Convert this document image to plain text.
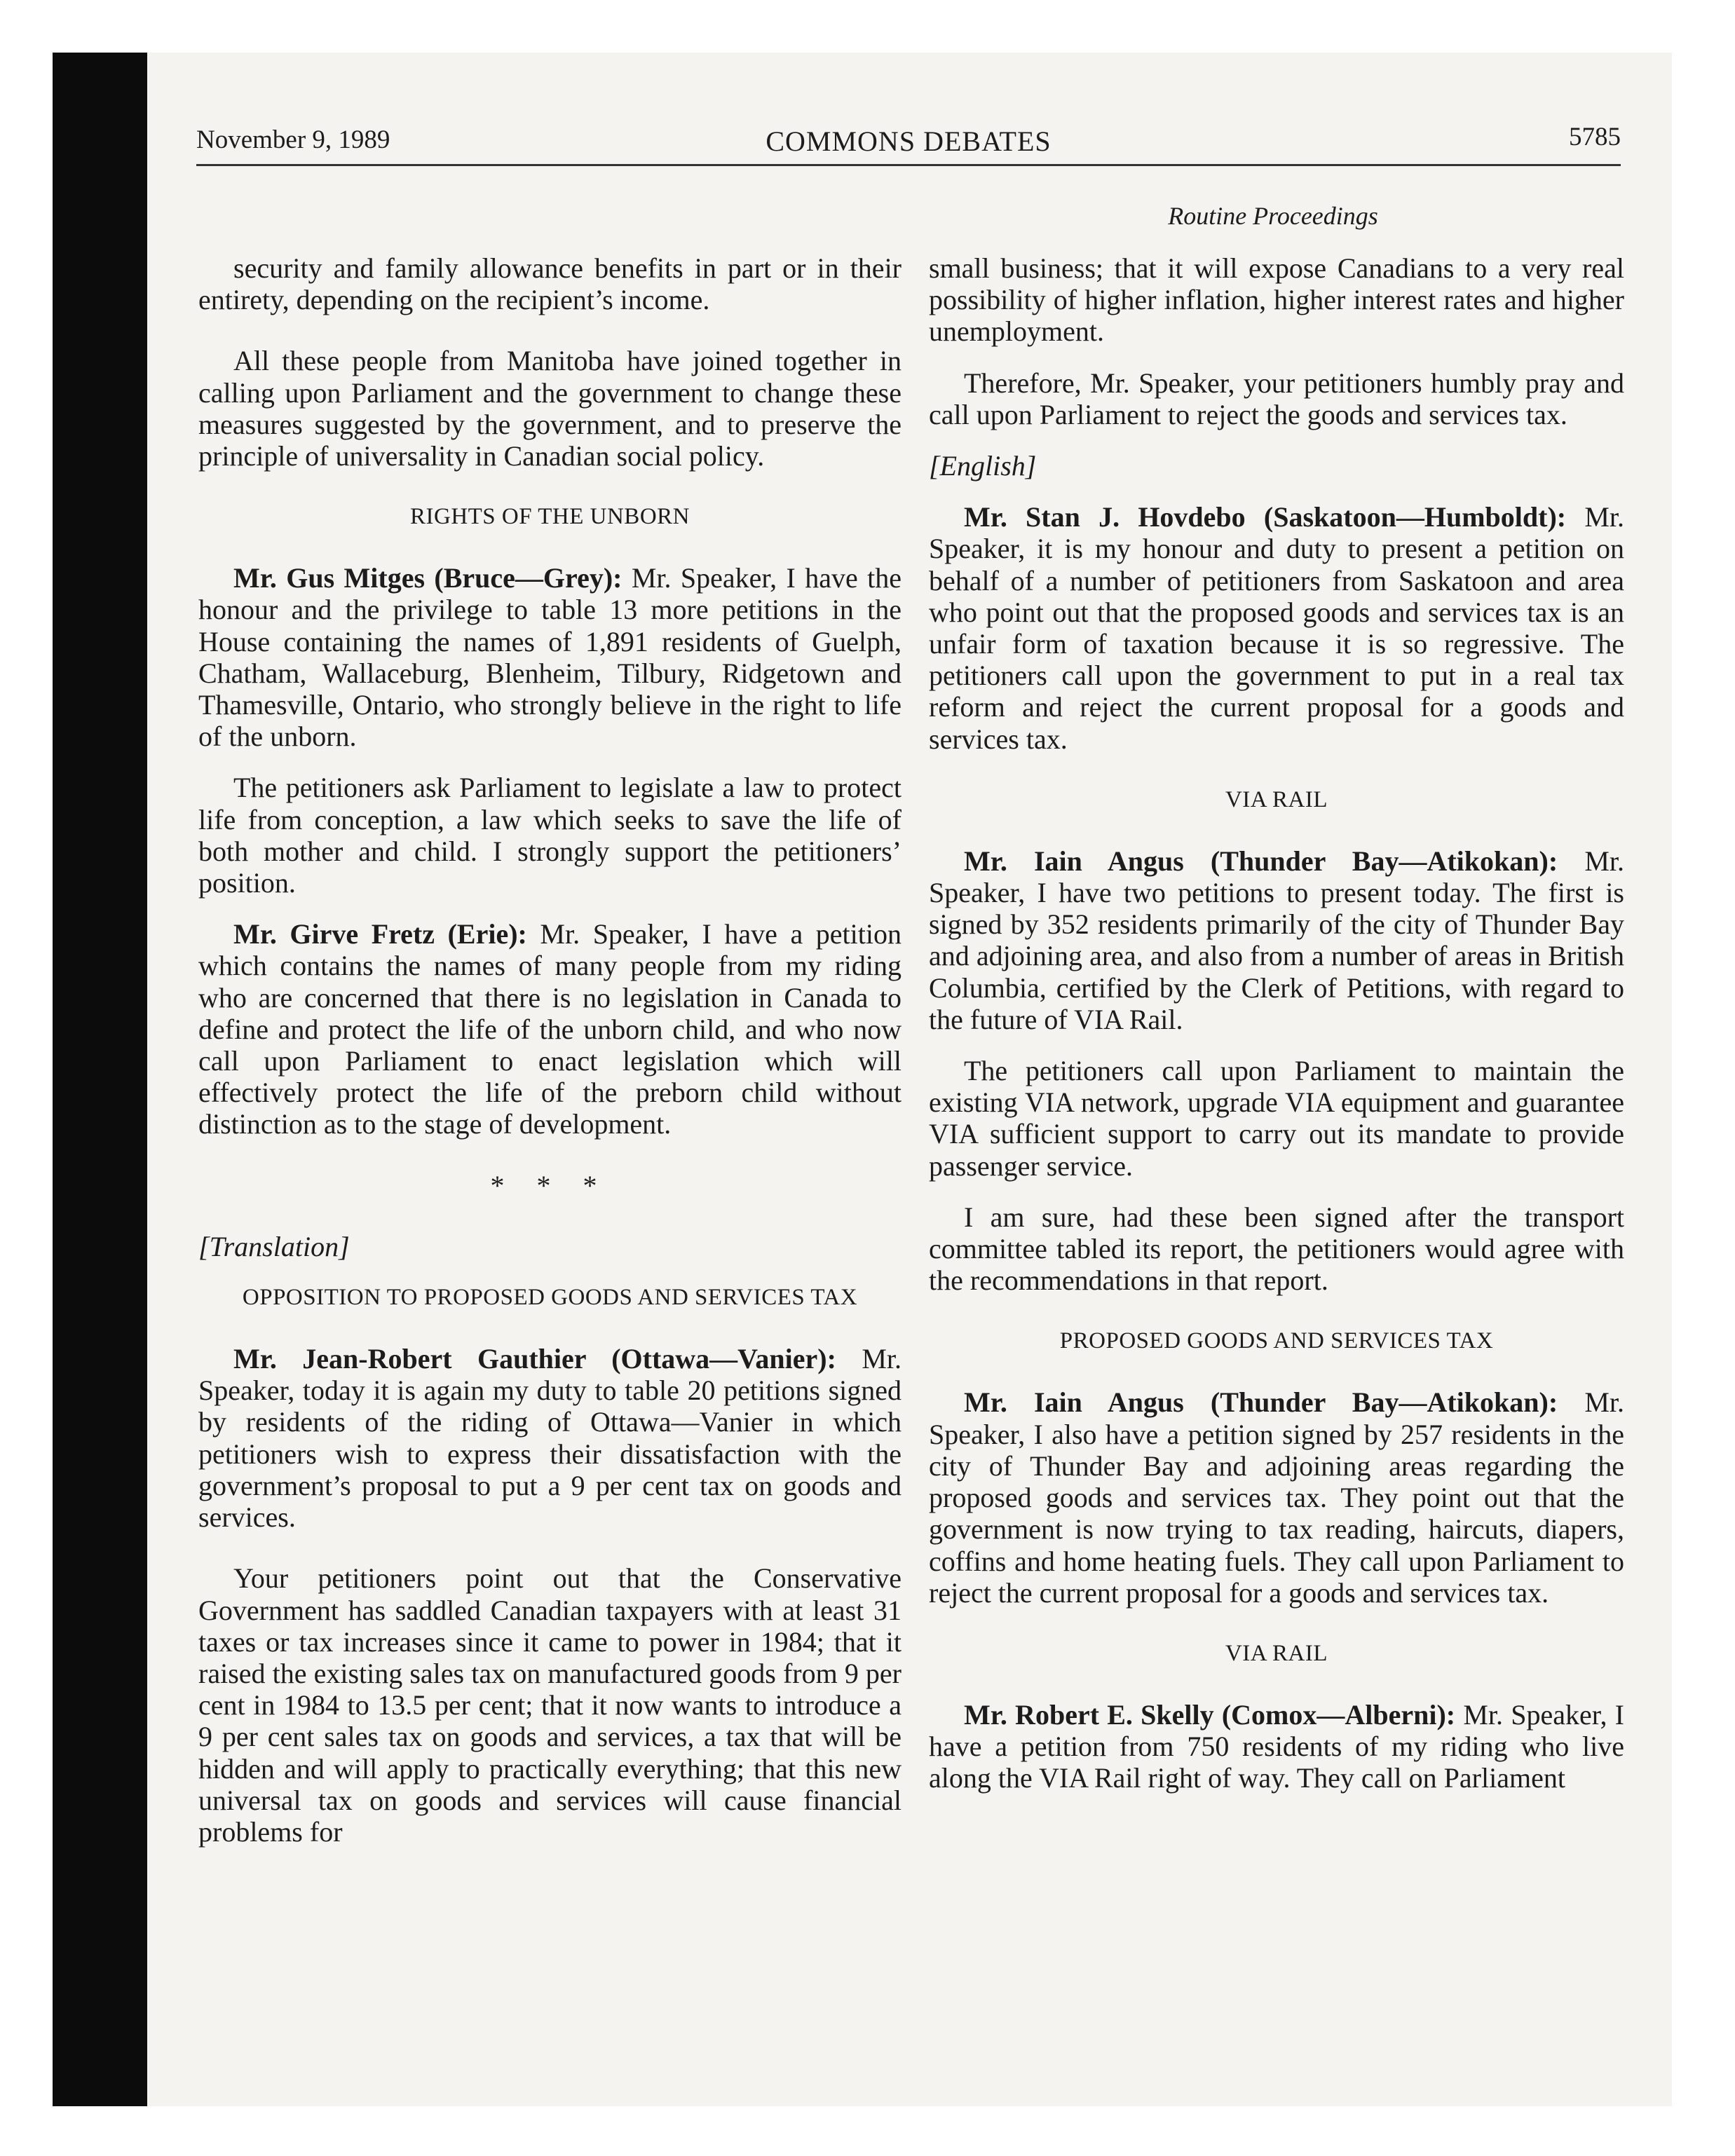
November 9, 1989	COMMONS DEBATES	5785
Routine Proceedings

security and family allowance benefits in part or in their entirety, depending on the recipient’s income.

All these people from Manitoba have joined together in calling upon Parliament and the government to change these measures suggested by the government, and to preserve the principle of universality in Canadian social policy.

RIGHTS OF THE UNBORN

Mr. Gus Mitges (Bruce—Grey): Mr. Speaker, I have the honour and the privilege to table 13 more petitions in the House containing the names of 1,891 residents of Guelph, Chatham, Wallaceburg, Blenheim, Tilbury, Ridgetown and Thamesville, Ontario, who strongly believe in the right to life of the unborn.

The petitioners ask Parliament to legislate a law to protect life from conception, a law which seeks to save the life of both mother and child. I strongly support the petitioners’ position.

Mr. Girve Fretz (Erie): Mr. Speaker, I have a petition which contains the names of many people from my riding who are concerned that there is no legislation in Canada to define and protect the life of the unborn child, and who now call upon Parliament to enact legislation which will effectively protect the life of the preborn child without distinction as to the stage of development.

* * *

[Translation]

OPPOSITION TO PROPOSED GOODS AND SERVICES TAX

Mr. Jean-Robert Gauthier (Ottawa—Vanier): Mr. Speaker, today it is again my duty to table 20 petitions signed by residents of the riding of Ottawa—Vanier in which petitioners wish to express their dissatisfaction with the government’s proposal to put a 9 per cent tax on goods and services.

Your petitioners point out that the Conservative Government has saddled Canadian taxpayers with at least 31 taxes or tax increases since it came to power in 1984; that it raised the existing sales tax on manufactured goods from 9 per cent in 1984 to 13.5 per cent; that it now wants to introduce a 9 per cent sales tax on goods and services, a tax that will be hidden and will apply to practically everything; that this new universal tax on goods and services will cause financial problems for

small business; that it will expose Canadians to a very real possibility of higher inflation, higher interest rates and higher unemployment.

Therefore, Mr. Speaker, your petitioners humbly pray and call upon Parliament to reject the goods and services tax.

[English]

Mr. Stan J. Hovdebo (Saskatoon—Humboldt): Mr. Speaker, it is my honour and duty to present a petition on behalf of a number of petitioners from Saskatoon and area who point out that the proposed goods and services tax is an unfair form of taxation because it is so regressive. The petitioners call upon the government to put in a real tax reform and reject the current proposal for a goods and services tax.

VIA RAIL

Mr. Iain Angus (Thunder Bay—Atikokan): Mr. Speaker, I have two petitions to present today. The first is signed by 352 residents primarily of the city of Thunder Bay and adjoining area, and also from a number of areas in British Columbia, certified by the Clerk of Petitions, with regard to the future of VIA Rail.

The petitioners call upon Parliament to maintain the existing VIA network, upgrade VIA equipment and guarantee VIA sufficient support to carry out its mandate to provide passenger service.

I am sure, had these been signed after the transport committee tabled its report, the petitioners would agree with the recommendations in that report.

PROPOSED GOODS AND SERVICES TAX

Mr. Iain Angus (Thunder Bay—Atikokan): Mr. Speaker, I also have a petition signed by 257 residents in the city of Thunder Bay and adjoining areas regarding the proposed goods and services tax. They point out that the government is now trying to tax reading, haircuts, diapers, coffins and home heating fuels. They call upon Parliament to reject the current proposal for a goods and services tax.

VIA RAIL

Mr. Robert E. Skelly (Comox—Alberni): Mr. Speaker, I have a petition from 750 residents of my riding who live along the VIA Rail right of way. They call on Parliament
